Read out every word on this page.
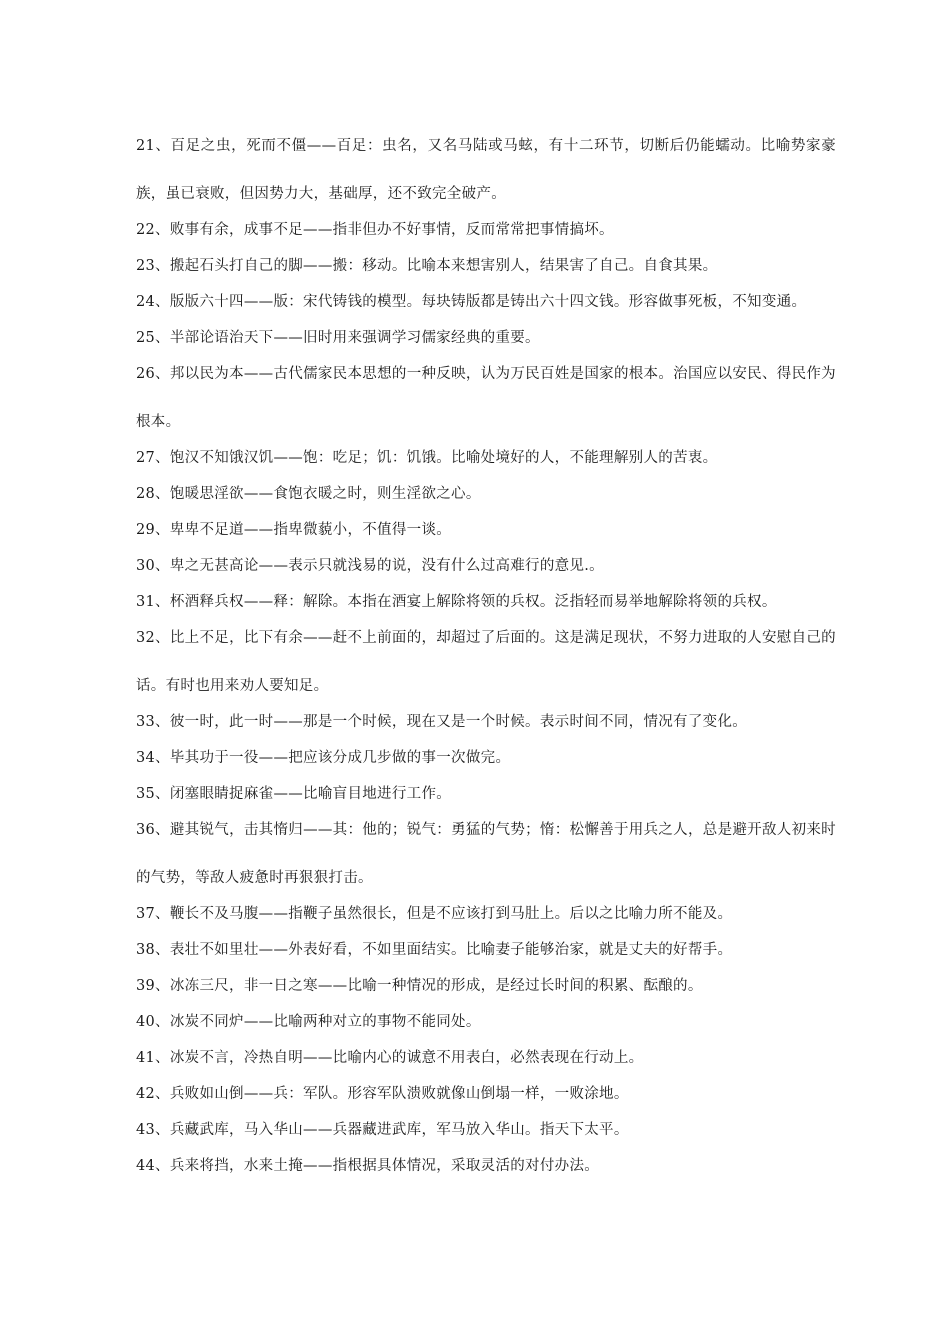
21、百足之虫，死而不僵——百足：虫名，又名马陆或马蚿，有十二环节，切断后仍能蠕动。比喻势家豪族，虽已衰败，但因势力大，基础厚，还不致完全破产。

22、败事有余，成事不足——指非但办不好事情，反而常常把事情搞坏。

23、搬起石头打自己的脚——搬：移动。比喻本来想害别人，结果害了自己。自食其果。

24、版版六十四——版：宋代铸钱的模型。每块铸版都是铸出六十四文钱。形容做事死板，不知变通。

25、半部论语治天下——旧时用来强调学习儒家经典的重要。

26、邦以民为本——古代儒家民本思想的一种反映，认为万民百姓是国家的根本。治国应以安民、得民作为根本。

27、饱汉不知饿汉饥——饱：吃足；饥：饥饿。比喻处境好的人，不能理解别人的苦衷。

28、饱暖思淫欲——食饱衣暖之时，则生淫欲之心。

29、卑卑不足道——指卑微藐小，不值得一谈。

30、卑之无甚高论——表示只就浅易的说，没有什么过高难行的意见.。

31、杯酒释兵权——释：解除。本指在酒宴上解除将领的兵权。泛指轻而易举地解除将领的兵权。

32、比上不足，比下有余——赶不上前面的，却超过了后面的。这是满足现状，不努力进取的人安慰自己的话。有时也用来劝人要知足。

33、彼一时，此一时——那是一个时候，现在又是一个时候。表示时间不同，情况有了变化。

34、毕其功于一役——把应该分成几步做的事一次做完。

35、闭塞眼睛捉麻雀——比喻盲目地进行工作。

36、避其锐气，击其惰归——其：他的；锐气：勇猛的气势；惰：松懈善于用兵之人，总是避开敌人初来时的气势，等敌人疲惫时再狠狠打击。

37、鞭长不及马腹——指鞭子虽然很长，但是不应该打到马肚上。后以之比喻力所不能及。

38、表壮不如里壮——外表好看，不如里面结实。比喻妻子能够治家，就是丈夫的好帮手。

39、冰冻三尺，非一日之寒——比喻一种情况的形成，是经过长时间的积累、酝酿的。

40、冰炭不同炉——比喻两种对立的事物不能同处。

41、冰炭不言，冷热自明——比喻内心的诚意不用表白，必然表现在行动上。

42、兵败如山倒——兵：军队。形容军队溃败就像山倒塌一样，一败涂地。

43、兵藏武库，马入华山——兵器藏进武库，军马放入华山。指天下太平。

44、兵来将挡，水来土掩——指根据具体情况，采取灵活的对付办法。
